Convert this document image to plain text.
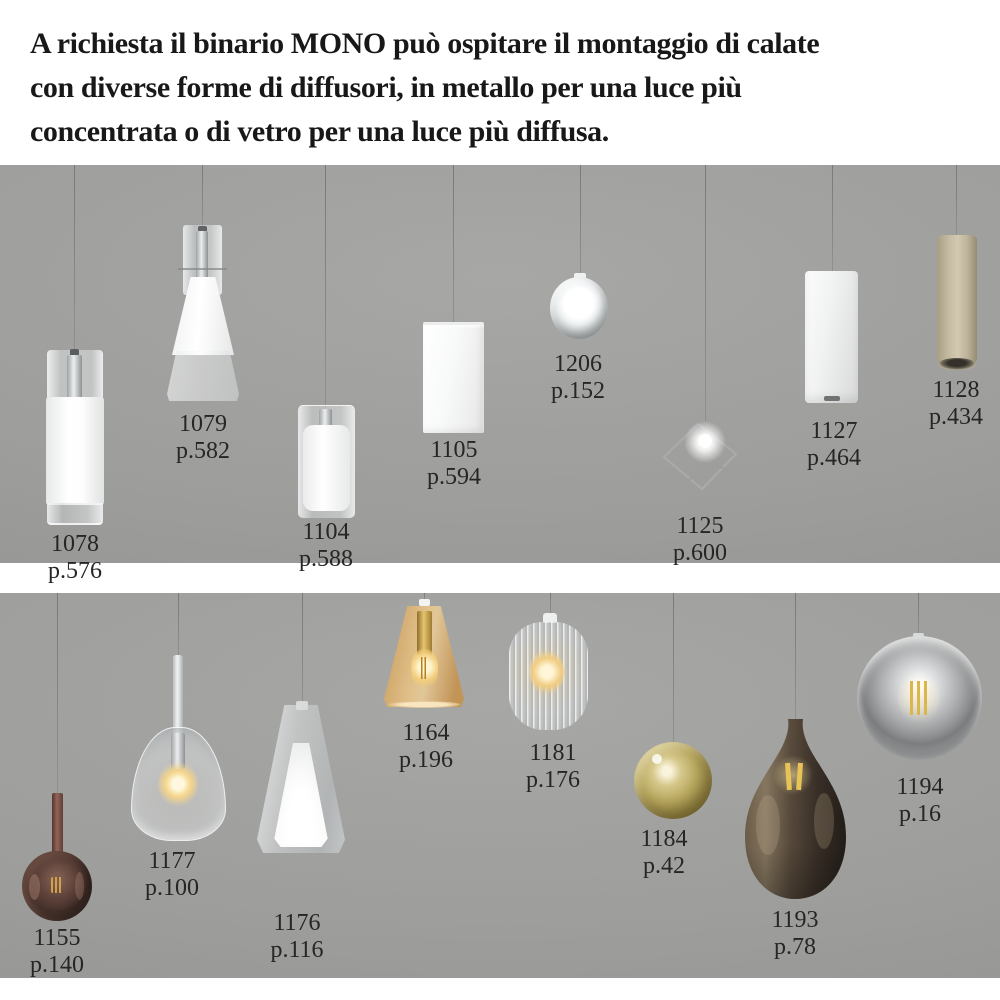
A richiesta il binario MONO può ospitare il montaggio di calate
con diverse forme di diffusori, in metallo per una luce più
concentrata o di vetro per una luce più diffusa.
1078
p.576
1079
p.582
1104
p.588
1105
p.594
1206
p.152
1125
p.600
1127
p.464
1128
p.434
1155
p.140
1177
p.100
1176
p.116
1164
p.196	1181
p.176
1184
p.42
1193
p.78
1194
p.16
